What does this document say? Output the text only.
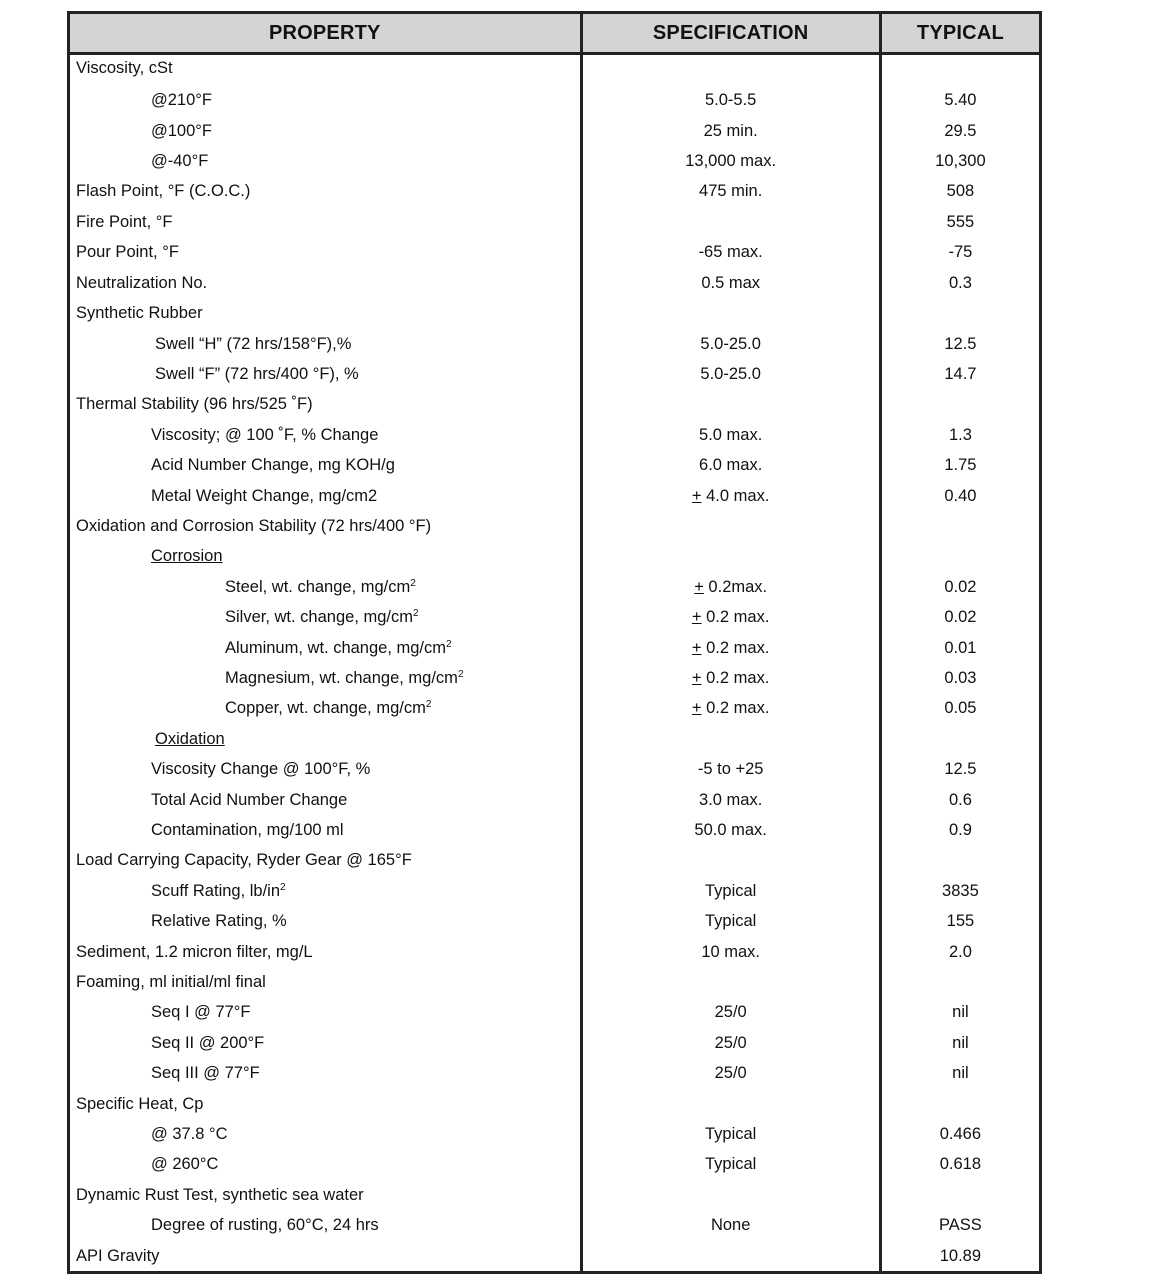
PROPERTY	SPECIFICATION	TYPICAL
Viscosity, cSt		
@210°F	5.0-5.5	5.40
@100°F	25 min.	29.5
@-40°F	13,000 max.	10,300
Flash Point, °F (C.O.C.)	475 min.	508
Fire Point, °F		555
Pour Point, °F	-65 max.	-75
Neutralization No.	0.5 max	0.3
Synthetic Rubber		
Swell “H” (72 hrs/158°F),%	5.0-25.0	12.5
Swell “F” (72 hrs/400 °F), %	5.0-25.0	14.7
Thermal Stability (96 hrs/525 ˚F)		
Viscosity; @ 100 ˚F, % Change	5.0 max.	1.3
Acid Number Change, mg KOH/g	6.0 max.	1.75
Metal Weight Change, mg/cm2	+ 4.0 max.	0.40
Oxidation and Corrosion Stability (72 hrs/400 °F)		
Corrosion		
Steel, wt. change, $mg/cm^2$	+ 0.2max.	0.02
Silver, wt. change, $mg/cm^2$	+ 0.2 max.	0.02
Aluminum, wt. change, $mg/cm^2$	+ 0.2 max.	0.01
Magnesium, wt. change, $mg/cm^2$	+ 0.2 max.	0.03
Copper, wt. change, $mg/cm^2$	+ 0.2 max.	0.05
Oxidation		
Viscosity Change @ 100°F, %	-5 to +25	12.5
Total Acid Number Change	3.0 max.	0.6
Contamination, mg/100 ml	50.0 max.	0.9
Load Carrying Capacity, Ryder Gear @ 165°F		
Scuff Rating, $lb/in^2$	Typical	3835
Relative Rating, %	Typical	155
Sediment, 1.2 micron filter, mg/L	10 max.	2.0
Foaming, ml initial/ml final		
Seq I @ 77°F	25/0	nil
Seq II @ 200°F	25/0	nil
Seq III @ 77°F	25/0	nil
Specific Heat, Cp		
@ 37.8 °C	Typical	0.466
@ 260°C	Typical	0.618
Dynamic Rust Test, synthetic sea water		
Degree of rusting, 60°C, 24 hrs	None	PASS
API Gravity		10.89
